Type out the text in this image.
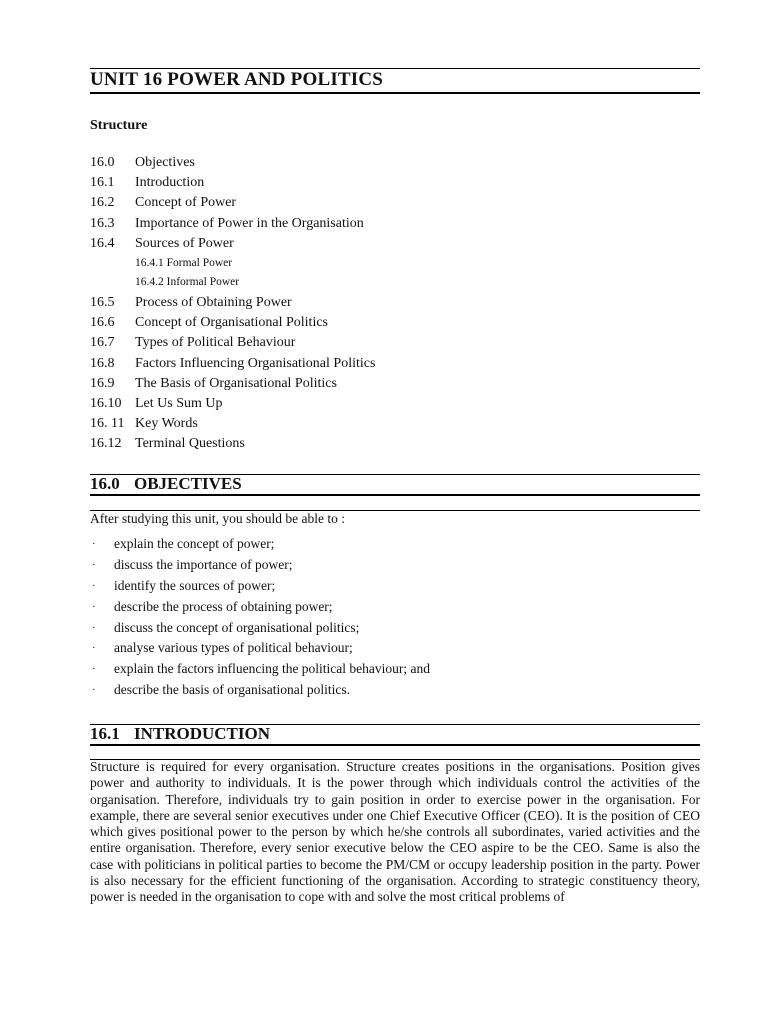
UNIT 16 POWER AND POLITICS
Structure
16.0	Objectives
16.1	Introduction
16.2	Concept of Power
16.3	Importance of Power in the Organisation
16.4	Sources of Power
16.4.1 Formal Power
16.4.2 Informal Power
16.5	Process of Obtaining Power
16.6	Concept of Organisational Politics
16.7	Types of Political Behaviour
16.8	Factors Influencing Organisational Politics
16.9	The Basis of Organisational Politics
16.10 Let Us Sum Up
16. 11 Key Words
16.12 Terminal Questions
16.0 OBJECTIVES
After studying this unit, you should be able to :
·	explain the concept of power;
·	discuss the importance of power;
·	identify the sources of power;
·	describe the process of obtaining power;
·	discuss the concept of organisational politics;
·	analyse various types of political behaviour;
·	explain the factors influencing the political behaviour; and
·	describe the basis of organisational politics.
16.1 INTRODUCTION
Structure is required for every organisation. Structure creates positions in the organisations. Position gives power and authority to individuals. It is the power through which individuals control the activities of the organisation. Therefore, individuals try to gain position in order to exercise power in the organisation. For example, there are several senior executives under one Chief Executive Officer (CEO). It is the position of CEO which gives positional power to the person by which he/she controls all subordinates, varied activities and the entire organisation. Therefore, every senior executive below the CEO aspire to be the CEO. Same is also the case with politicians in political parties to become the PM/CM or occupy leadership position in the party. Power is also necessary for the efficient functioning of the organisation. According to strategic constituency theory, power is needed in the organisation to cope with and solve the most critical problems of
